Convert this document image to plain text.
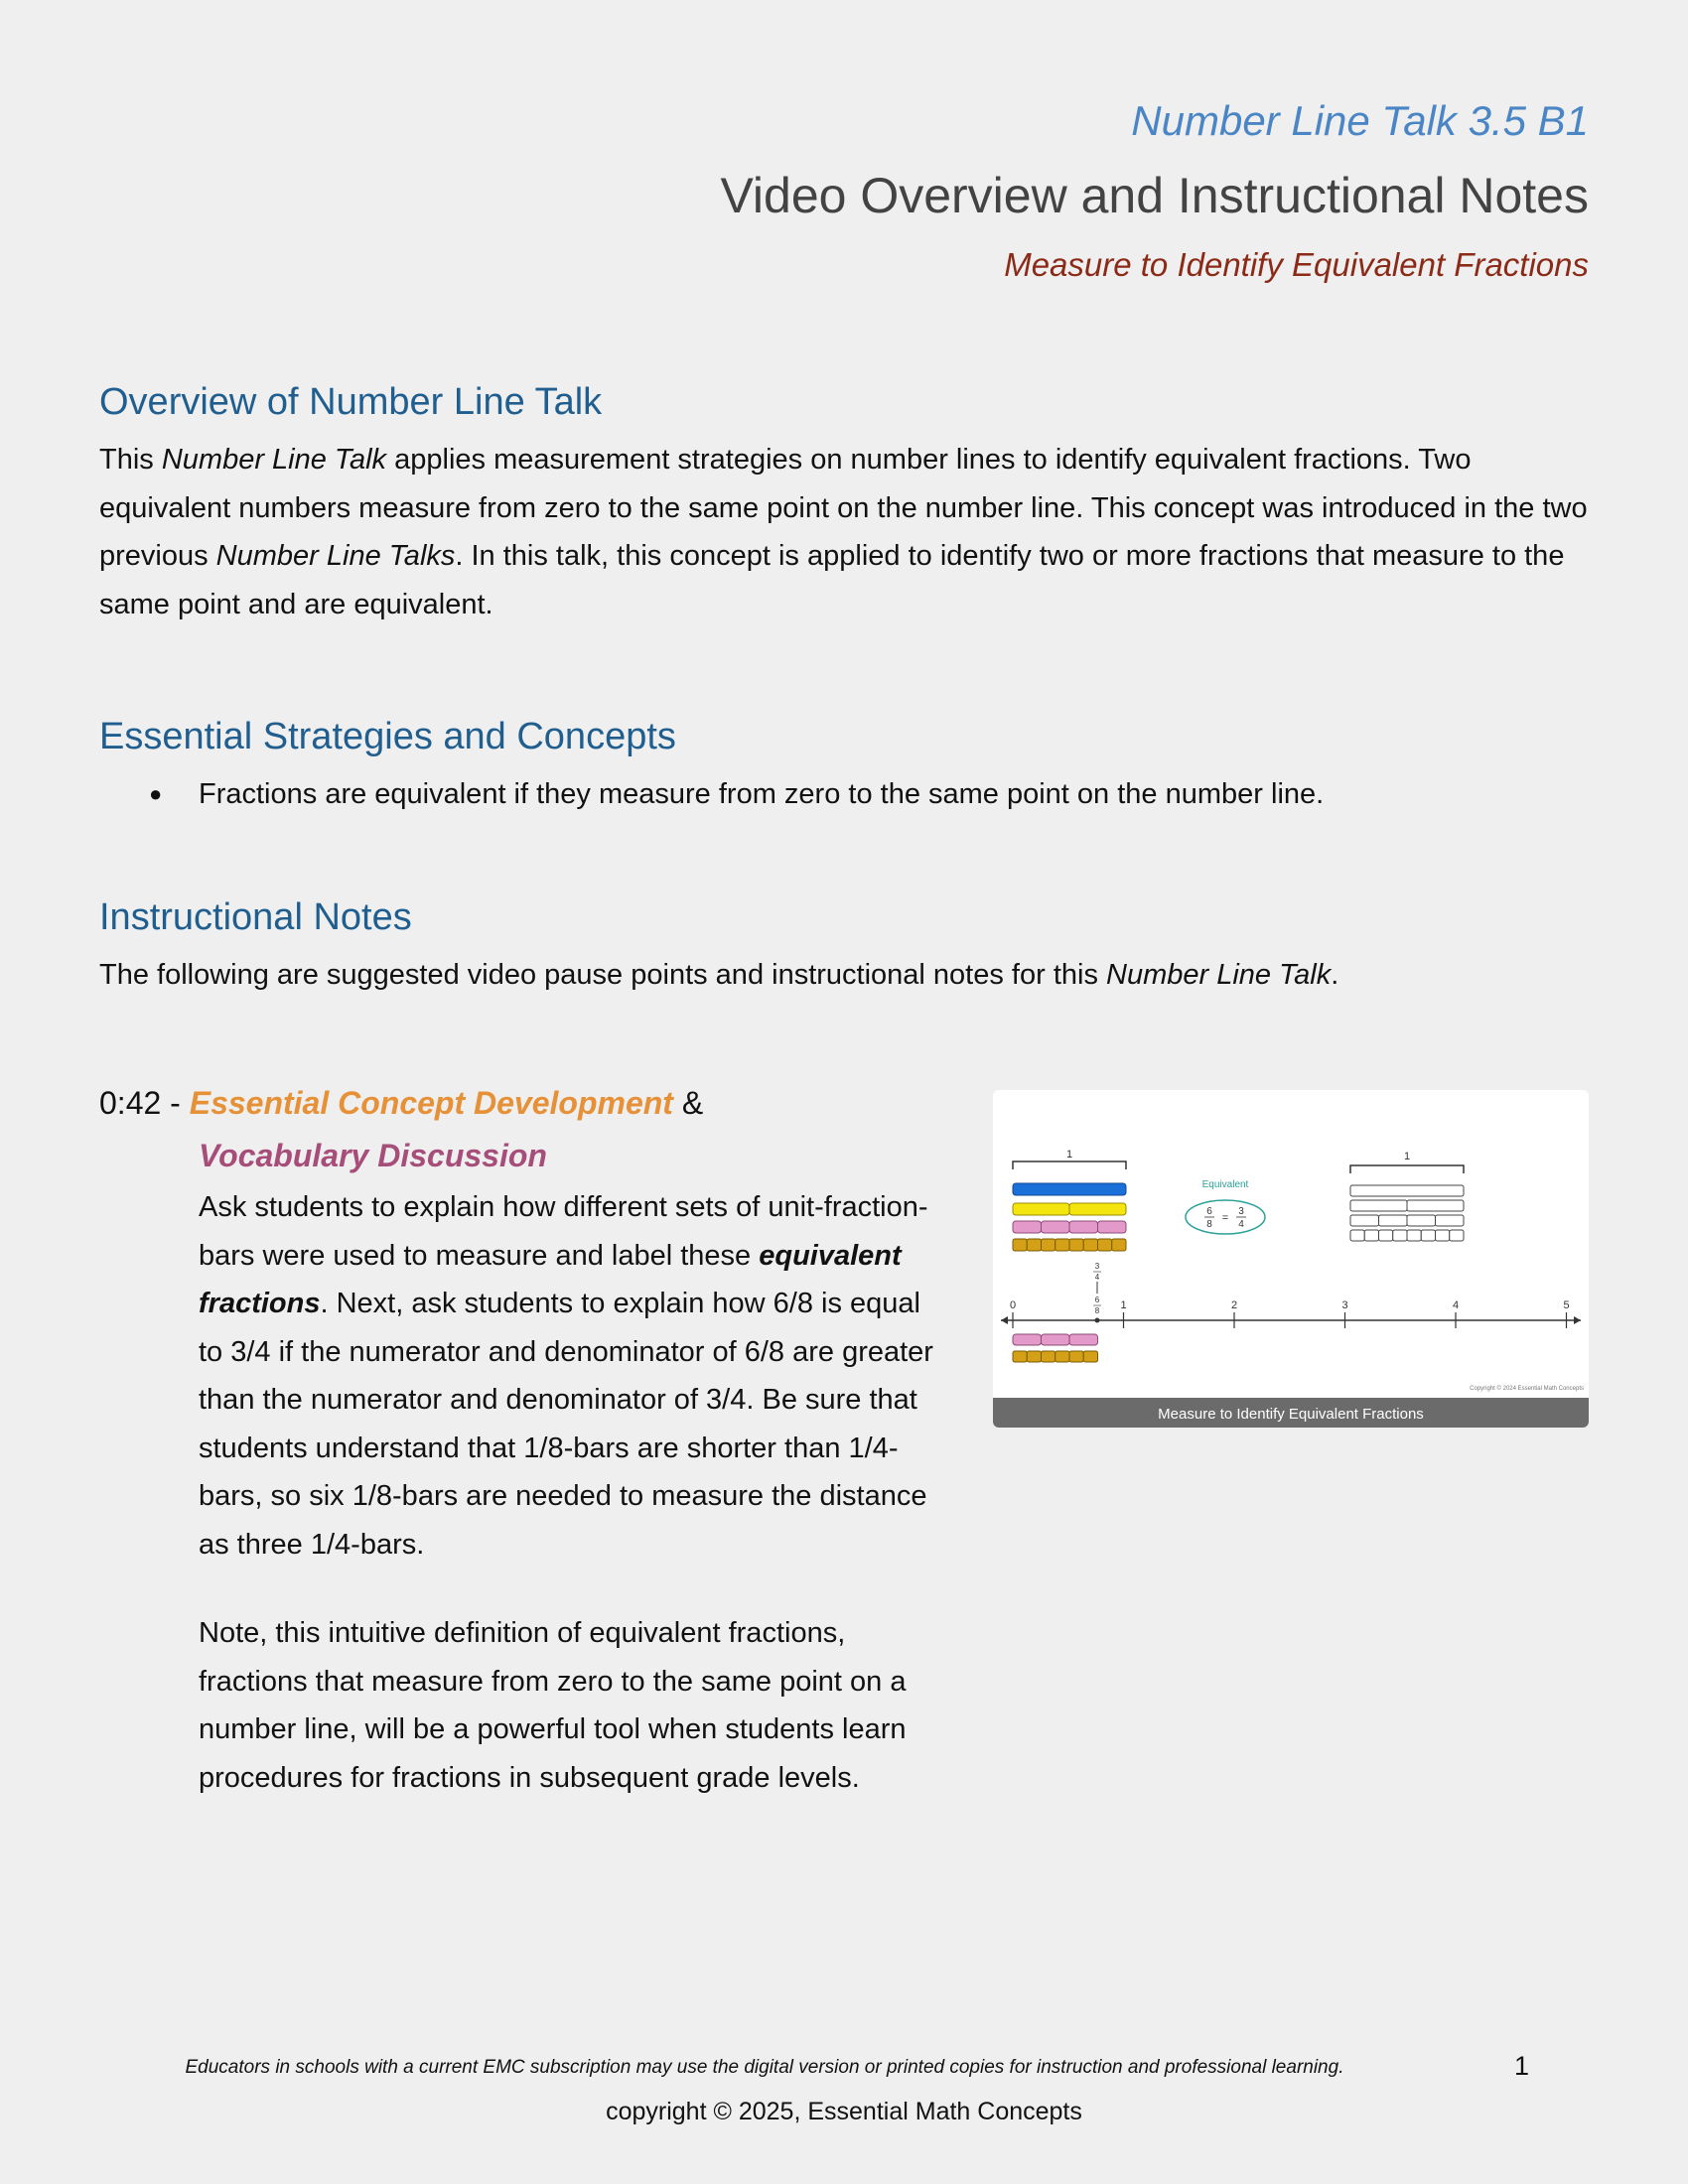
Number Line Talk 3.5 B1
Video Overview and Instructional Notes
Measure to Identify Equivalent Fractions
Overview of Number Line Talk
This Number Line Talk applies measurement strategies on number lines to identify equivalent fractions. Two equivalent numbers measure from zero to the same point on the number line. This concept was introduced in the two previous Number Line Talks. In this talk, this concept is applied to identify two or more fractions that measure to the same point and are equivalent.
Essential Strategies and Concepts
● Fractions are equivalent if they measure from zero to the same point on the number line.
Instructional Notes
The following are suggested video pause points and instructional notes for this Number Line Talk.
0:42 - Essential Concept Development &
Vocabulary Discussion
Ask students to explain how different sets of unit-fraction-bars were used to measure and label these equivalent fractions. Next, ask students to explain how 6/8 is equal to 3/4 if the numerator and denominator of 6/8 are greater than the numerator and denominator of 3/4. Be sure that students understand that 1/8-bars are shorter than 1/4-bars, so six 1/8-bars are needed to measure the distance as three 1/4-bars.
Note, this intuitive definition of equivalent fractions, fractions that measure from zero to the same point on a number line, will be a powerful tool when students learn procedures for fractions in subsequent grade levels.
1
Equivalent
6
8
=
3
4
1
3
4
6
8
0	1	2	3	4	5
Copyright © 2024 Essential Math Concepts
Measure to Identify Equivalent Fractions
Educators in schools with a current EMC subscription may use the digital version or printed copies for instruction and professional learning.	1
copyright © 2025, Essential Math Concepts
